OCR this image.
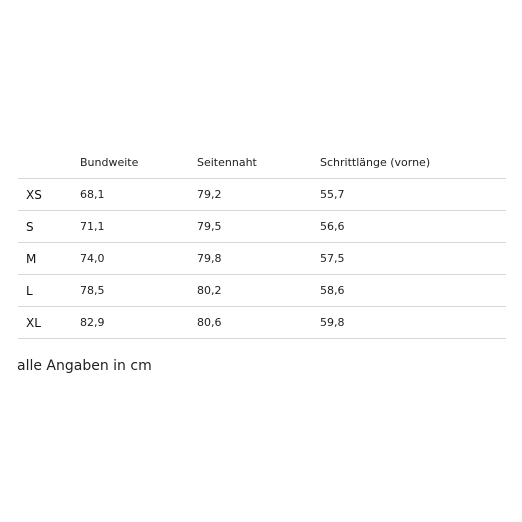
	Bundweite	Seitennaht	Schrittlänge (vorne)
XS	68,1	79,2	55,7
S	71,1	79,5	56,6
M	74,0	79,8	57,5
L	78,5	80,2	58,6
XL	82,9	80,6	59,8
alle Angaben in cm
